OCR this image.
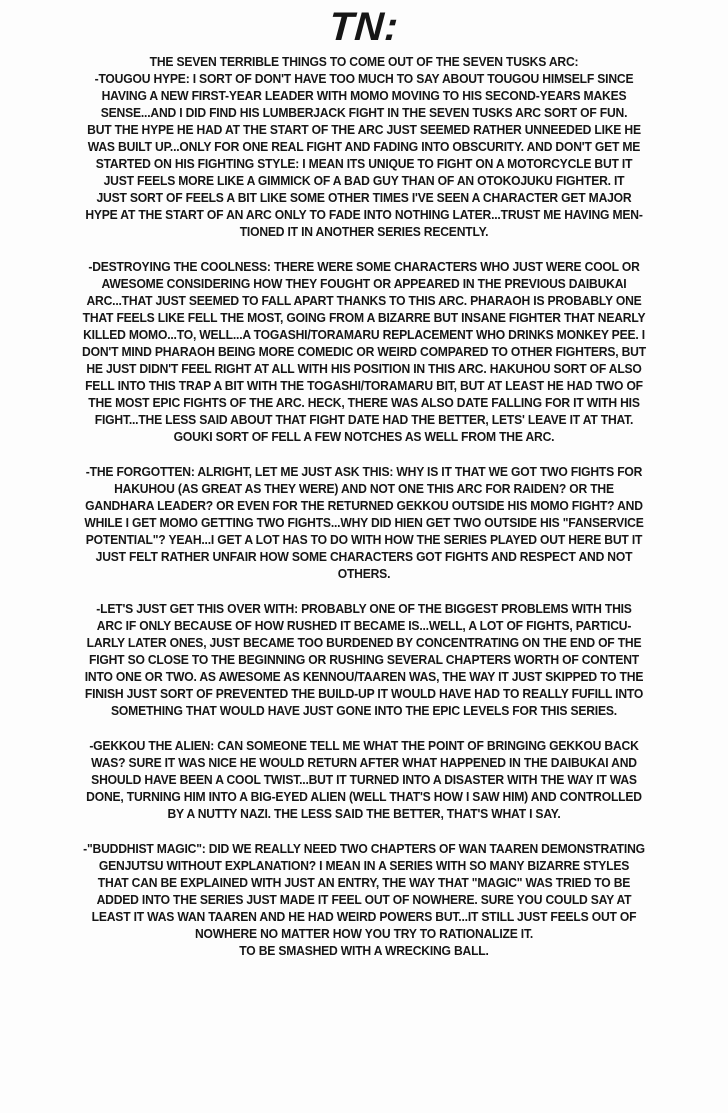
TN:
THE SEVEN TERRIBLE THINGS TO COME OUT OF THE SEVEN TUSKS ARC:
-TOUGOU HYPE: I SORT OF DON'T HAVE TOO MUCH TO SAY ABOUT TOUGOU HIMSELF SINCE
HAVING A NEW FIRST-YEAR LEADER WITH MOMO MOVING TO HIS SECOND-YEARS MAKES
SENSE...AND I DID FIND HIS LUMBERJACK FIGHT IN THE SEVEN TUSKS ARC SORT OF FUN.
BUT THE HYPE HE HAD AT THE START OF THE ARC JUST SEEMED RATHER UNNEEDED LIKE HE
WAS BUILT UP...ONLY FOR ONE REAL FIGHT AND FADING INTO OBSCURITY. AND DON'T GET ME
STARTED ON HIS FIGHTING STYLE: I MEAN ITS UNIQUE TO FIGHT ON A MOTORCYCLE BUT IT
JUST FEELS MORE LIKE A GIMMICK OF A BAD GUY THAN OF AN OTOKOJUKU FIGHTER. IT
JUST SORT OF FEELS A BIT LIKE SOME OTHER TIMES I'VE SEEN A CHARACTER GET MAJOR
HYPE AT THE START OF AN ARC ONLY TO FADE INTO NOTHING LATER...TRUST ME HAVING MEN-
TIONED IT IN ANOTHER SERIES RECENTLY.
-DESTROYING THE COOLNESS: THERE WERE SOME CHARACTERS WHO JUST WERE COOL OR
AWESOME CONSIDERING HOW THEY FOUGHT OR APPEARED IN THE PREVIOUS DAIBUKAI
ARC...THAT JUST SEEMED TO FALL APART THANKS TO THIS ARC. PHARAOH IS PROBABLY ONE
THAT FEELS LIKE FELL THE MOST, GOING FROM A BIZARRE BUT INSANE FIGHTER THAT NEARLY
KILLED MOMO...TO, WELL...A TOGASHI/TORAMARU REPLACEMENT WHO DRINKS MONKEY PEE. I
DON'T MIND PHARAOH BEING MORE COMEDIC OR WEIRD COMPARED TO OTHER FIGHTERS, BUT
HE JUST DIDN'T FEEL RIGHT AT ALL WITH HIS POSITION IN THIS ARC. HAKUHOU SORT OF ALSO
FELL INTO THIS TRAP A BIT WITH THE TOGASHI/TORAMARU BIT, BUT AT LEAST HE HAD TWO OF
THE MOST EPIC FIGHTS OF THE ARC. HECK, THERE WAS ALSO DATE FALLING FOR IT WITH HIS
FIGHT...THE LESS SAID ABOUT THAT FIGHT DATE HAD THE BETTER, LETS' LEAVE IT AT THAT.
GOUKI SORT OF FELL A FEW NOTCHES AS WELL FROM THE ARC.
-THE FORGOTTEN: ALRIGHT, LET ME JUST ASK THIS: WHY IS IT THAT WE GOT TWO FIGHTS FOR
HAKUHOU (AS GREAT AS THEY WERE) AND NOT ONE THIS ARC FOR RAIDEN? OR THE
GANDHARA LEADER? OR EVEN FOR THE RETURNED GEKKOU OUTSIDE HIS MOMO FIGHT? AND
WHILE I GET MOMO GETTING TWO FIGHTS...WHY DID HIEN GET TWO OUTSIDE HIS "FANSERVICE
POTENTIAL"? YEAH...I GET A LOT HAS TO DO WITH HOW THE SERIES PLAYED OUT HERE BUT IT
JUST FELT RATHER UNFAIR HOW SOME CHARACTERS GOT FIGHTS AND RESPECT AND NOT
OTHERS.
-LET'S JUST GET THIS OVER WITH: PROBABLY ONE OF THE BIGGEST PROBLEMS WITH THIS
ARC IF ONLY BECAUSE OF HOW RUSHED IT BECAME IS...WELL, A LOT OF FIGHTS, PARTICU-
LARLY LATER ONES, JUST BECAME TOO BURDENED BY CONCENTRATING ON THE END OF THE
FIGHT SO CLOSE TO THE BEGINNING OR RUSHING SEVERAL CHAPTERS WORTH OF CONTENT
INTO ONE OR TWO. AS AWESOME AS KENNOU/TAAREN WAS, THE WAY IT JUST SKIPPED TO THE
FINISH JUST SORT OF PREVENTED THE BUILD-UP IT WOULD HAVE HAD TO REALLY FUFILL INTO
SOMETHING THAT WOULD HAVE JUST GONE INTO THE EPIC LEVELS FOR THIS SERIES.
-GEKKOU THE ALIEN: CAN SOMEONE TELL ME WHAT THE POINT OF BRINGING GEKKOU BACK
WAS? SURE IT WAS NICE HE WOULD RETURN AFTER WHAT HAPPENED IN THE DAIBUKAI AND
SHOULD HAVE BEEN A COOL TWIST...BUT IT TURNED INTO A DISASTER WITH THE WAY IT WAS
DONE, TURNING HIM INTO A BIG-EYED ALIEN (WELL THAT'S HOW I SAW HIM) AND CONTROLLED
BY A NUTTY NAZI. THE LESS SAID THE BETTER, THAT'S WHAT I SAY.
-"BUDDHIST MAGIC": DID WE REALLY NEED TWO CHAPTERS OF WAN TAAREN DEMONSTRATING
GENJUTSU WITHOUT EXPLANATION? I MEAN IN A SERIES WITH SO MANY BIZARRE STYLES
THAT CAN BE EXPLAINED WITH JUST AN ENTRY, THE WAY THAT "MAGIC" WAS TRIED TO BE
ADDED INTO THE SERIES JUST MADE IT FEEL OUT OF NOWHERE. SURE YOU COULD SAY AT
LEAST IT WAS WAN TAAREN AND HE HAD WEIRD POWERS BUT...IT STILL JUST FEELS OUT OF
NOWHERE NO MATTER HOW YOU TRY TO RATIONALIZE IT.
TO BE SMASHED WITH A WRECKING BALL.
